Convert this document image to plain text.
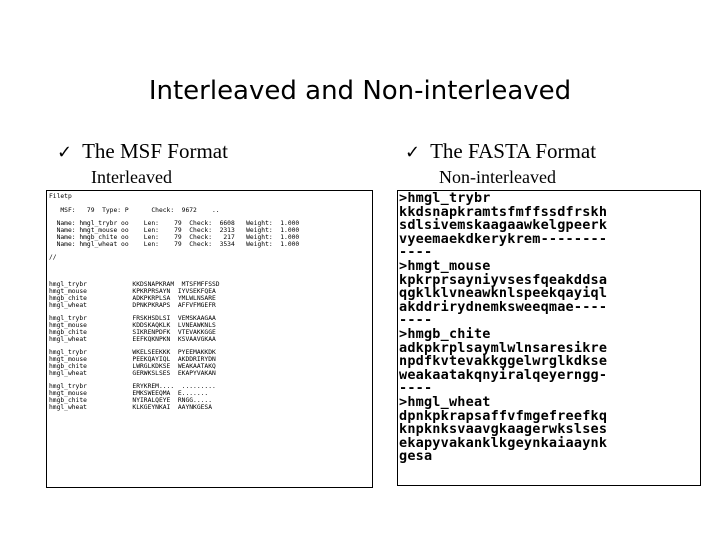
Interleaved and Non-interleaved
✓ The MSF Format
Interleaved
✓ The FASTA Format
Non-interleaved
Filetp

MSF:   79  Type: P      Check:  9672    ..

Name: hmgl_trybr oo    Len:    79  Check:  6608   Weight:  1.000
Name: hmgt_mouse oo    Len:    79  Check:  2313   Weight:  1.000
Name: hmgb_chite oo    Len:    79  Check:   217   Weight:  1.000
Name: hmgl_wheat oo    Len:    79  Check:  3534   Weight:  1.000

//

hmgl_trybr            KKDSNAPKRAM  MTSFMFFSSD
hmgt_mouse            KPKRPRSAYN  IYVSEKFQEA
hmgb_chite            ADKPKRPLSA  YMLWLNSARE
hmgl_wheat            DPNKPKRAPS  AFFVFMGEFR

hmgl_trybr            FRSKHSDLSI  VEMSKAAGAA
hmgt_mouse            KDDSKAQKLK  LVNEAWKNLS
hmgb_chite            SIKRENPDFK  VTEVAKKGGE
hmgl_wheat            EEFKQKNPKN  KSVAAVGKAA

hmgl_trybr            WKELSEEKKK  PYEEMAKKDK
hmgt_mouse            PEEKQAYIQL  AKDDRIRYDN
hmgb_chite            LWRGLKDKSE  WEAKAATAKQ
hmgl_wheat            GERWKSLSES  EKAPYVAKAN

hmgl_trybr            ERYKREM....  .........
hmgt_mouse            EMKSWEEQMA  E.......
hmgb_chite            NYIRALQEYE  RNGG.....
hmgl_wheat            KLKGEYNKAI  AAYNKGESA
>hmgl_trybr
kkdsnapkramtsfmffssdfrskh
sdlsivemskaagaawkelgpeerk
vyeemaekdkerykrem--------
----
>hmgt_mouse
kpkrprsayniyvsesfqeakddsa
qgklklvneawknlspeekqayiql
akddrirydnemksweeqmae----
----
>hmgb_chite
adkpkrplsaymlwlnsaresikre
npdfkvtevakkggelwrglkdkse
weakaatakqnyiralqeyerngg-
----
>hmgl_wheat
dpnkpkrapsaffvfmgefreefkq
knpknksvaavgkaagerwkslses
ekapyvakanklkgeynkaiaaynk
gesa
